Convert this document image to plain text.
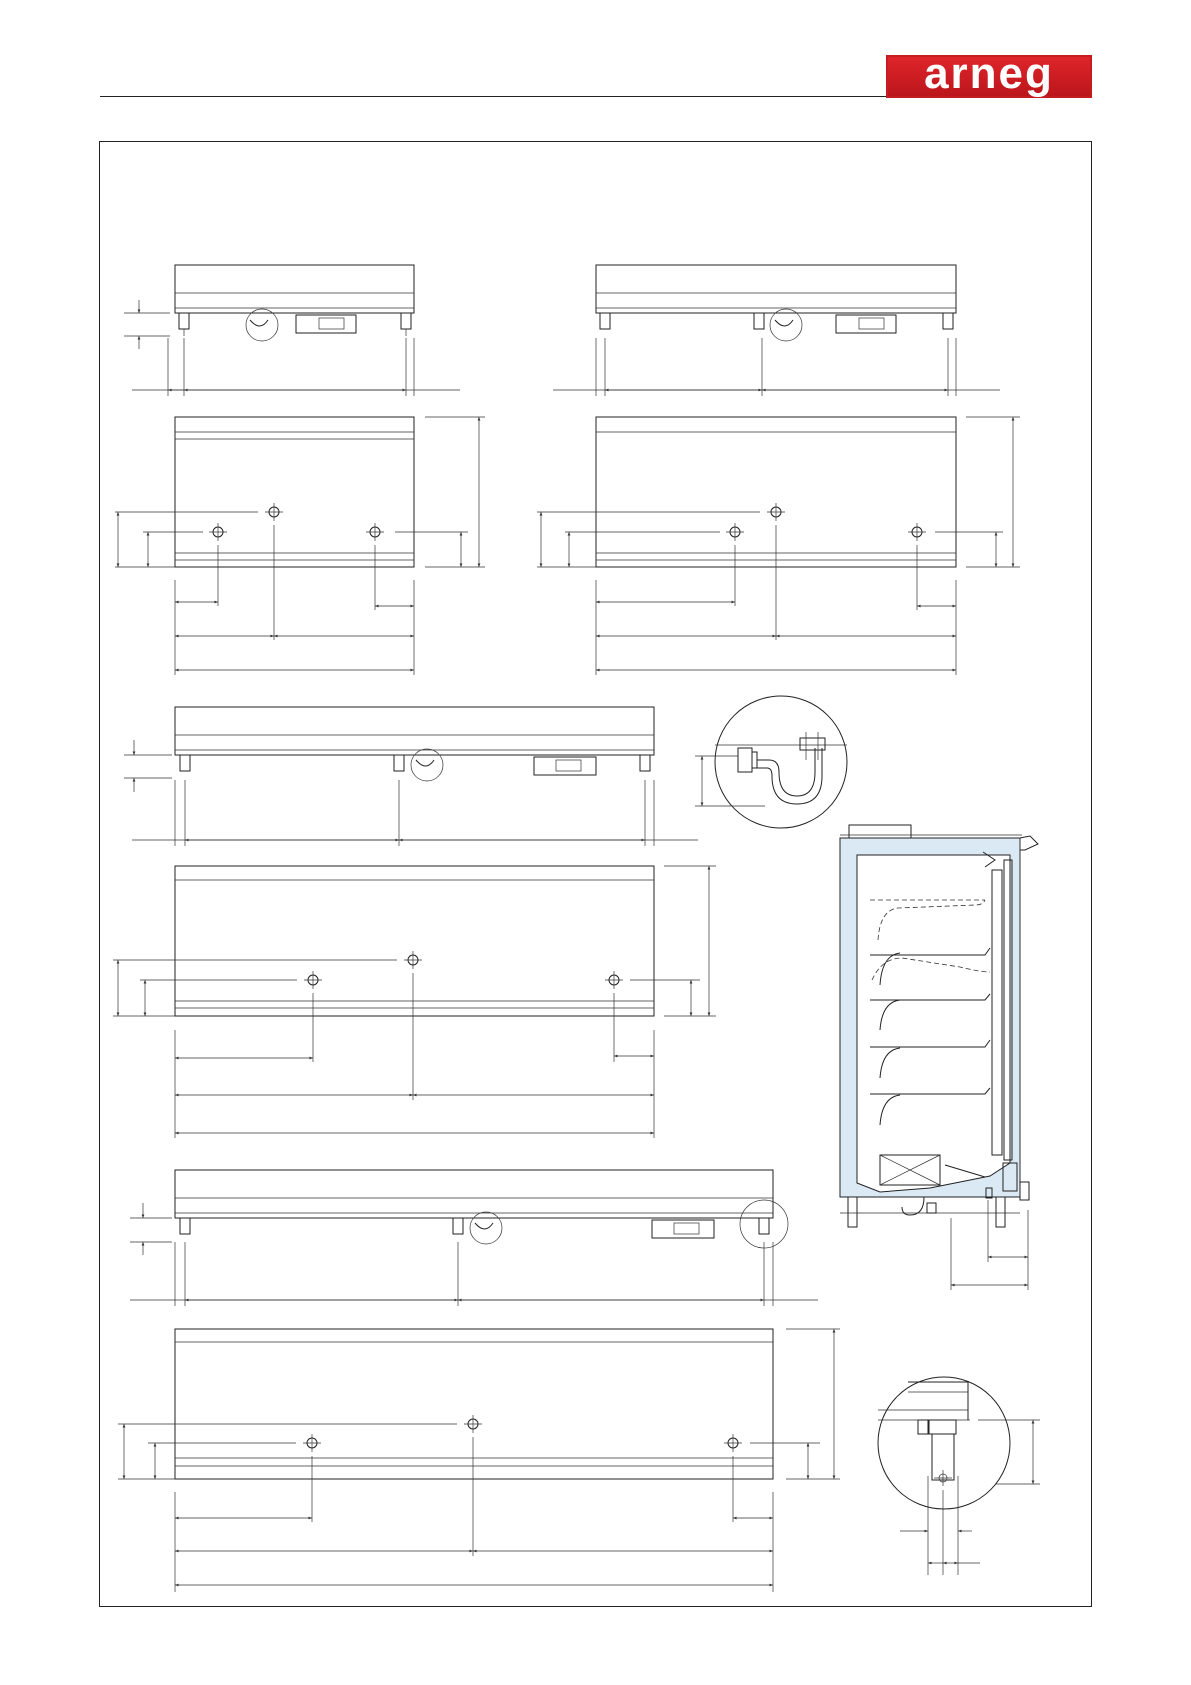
arneg
